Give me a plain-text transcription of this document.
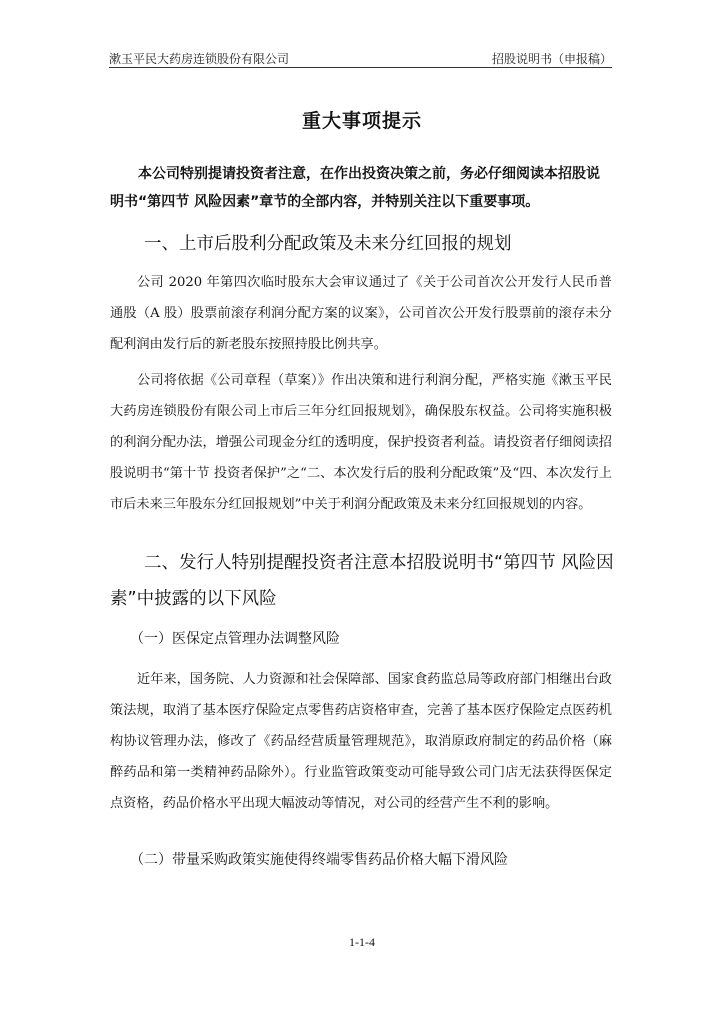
漱玉平民大药房连锁股份有限公司	招股说明书（申报稿）
重大事项提示
本公司特别提请投资者注意，在作出投资决策之前，务必仔细阅读本招股说明书“第四节 风险因素”章节的全部内容，并特别关注以下重要事项。
一、上市后股利分配政策及未来分红回报的规划
公司 2020 年第四次临时股东大会审议通过了《关于公司首次公开发行人民币普通股（A 股）股票前滚存利润分配方案的议案》，公司首次公开发行股票前的滚存未分配利润由发行后的新老股东按照持股比例共享。
公司将依据《公司章程（草案）》作出决策和进行利润分配，严格实施《漱玉平民大药房连锁股份有限公司上市后三年分红回报规划》，确保股东权益。公司将实施积极的利润分配办法，增强公司现金分红的透明度，保护投资者利益。请投资者仔细阅读招股说明书“第十节 投资者保护”之“二、本次发行后的股利分配政策”及“四、本次发行上市后未来三年股东分红回报规划”中关于利润分配政策及未来分红回报规划的内容。
二、发行人特别提醒投资者注意本招股说明书“第四节 风险因素”中披露的以下风险
（一）医保定点管理办法调整风险
近年来，国务院、人力资源和社会保障部、国家食药监总局等政府部门相继出台政策法规，取消了基本医疗保险定点零售药店资格审查，完善了基本医疗保险定点医药机构协议管理办法，修改了《药品经营质量管理规范》，取消原政府制定的药品价格（麻醉药品和第一类精神药品除外）。行业监管政策变动可能导致公司门店无法获得医保定点资格，药品价格水平出现大幅波动等情况，对公司的经营产生不利的影响。
（二）带量采购政策实施使得终端零售药品价格大幅下滑风险
1-1-4
